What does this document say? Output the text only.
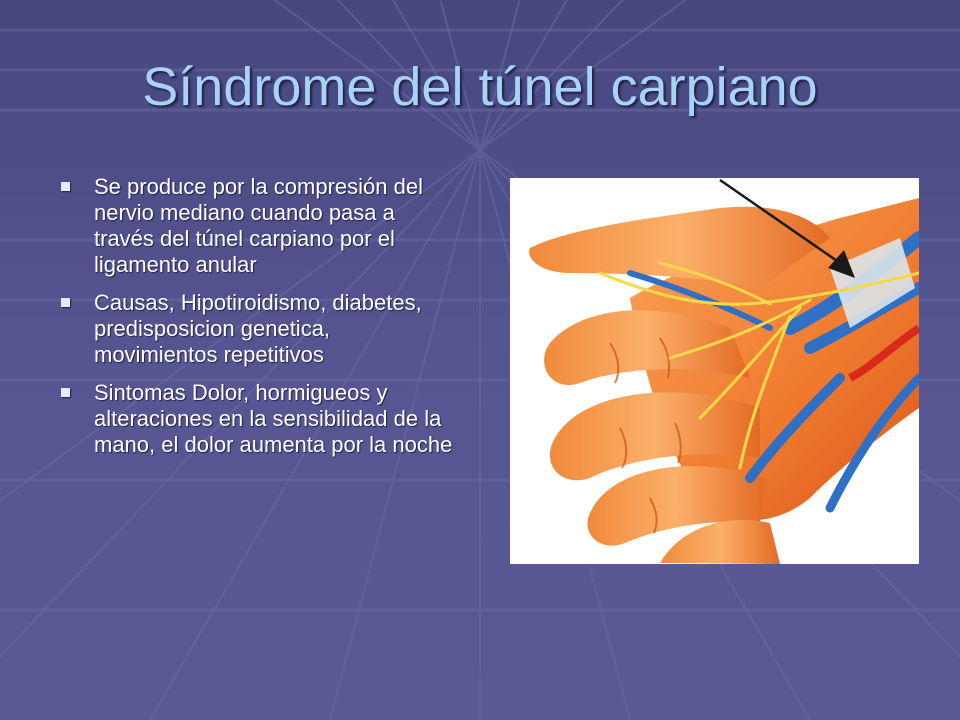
Síndrome del túnel carpiano
Se produce por la compresión del nervio mediano cuando pasa a través del túnel carpiano por el ligamento anular
Causas, Hipotiroidismo, diabetes, predisposicion genetica, movimientos repetitivos
Sintomas Dolor, hormigueos y alteraciones en la sensibilidad de la mano, el dolor aumenta por la noche
